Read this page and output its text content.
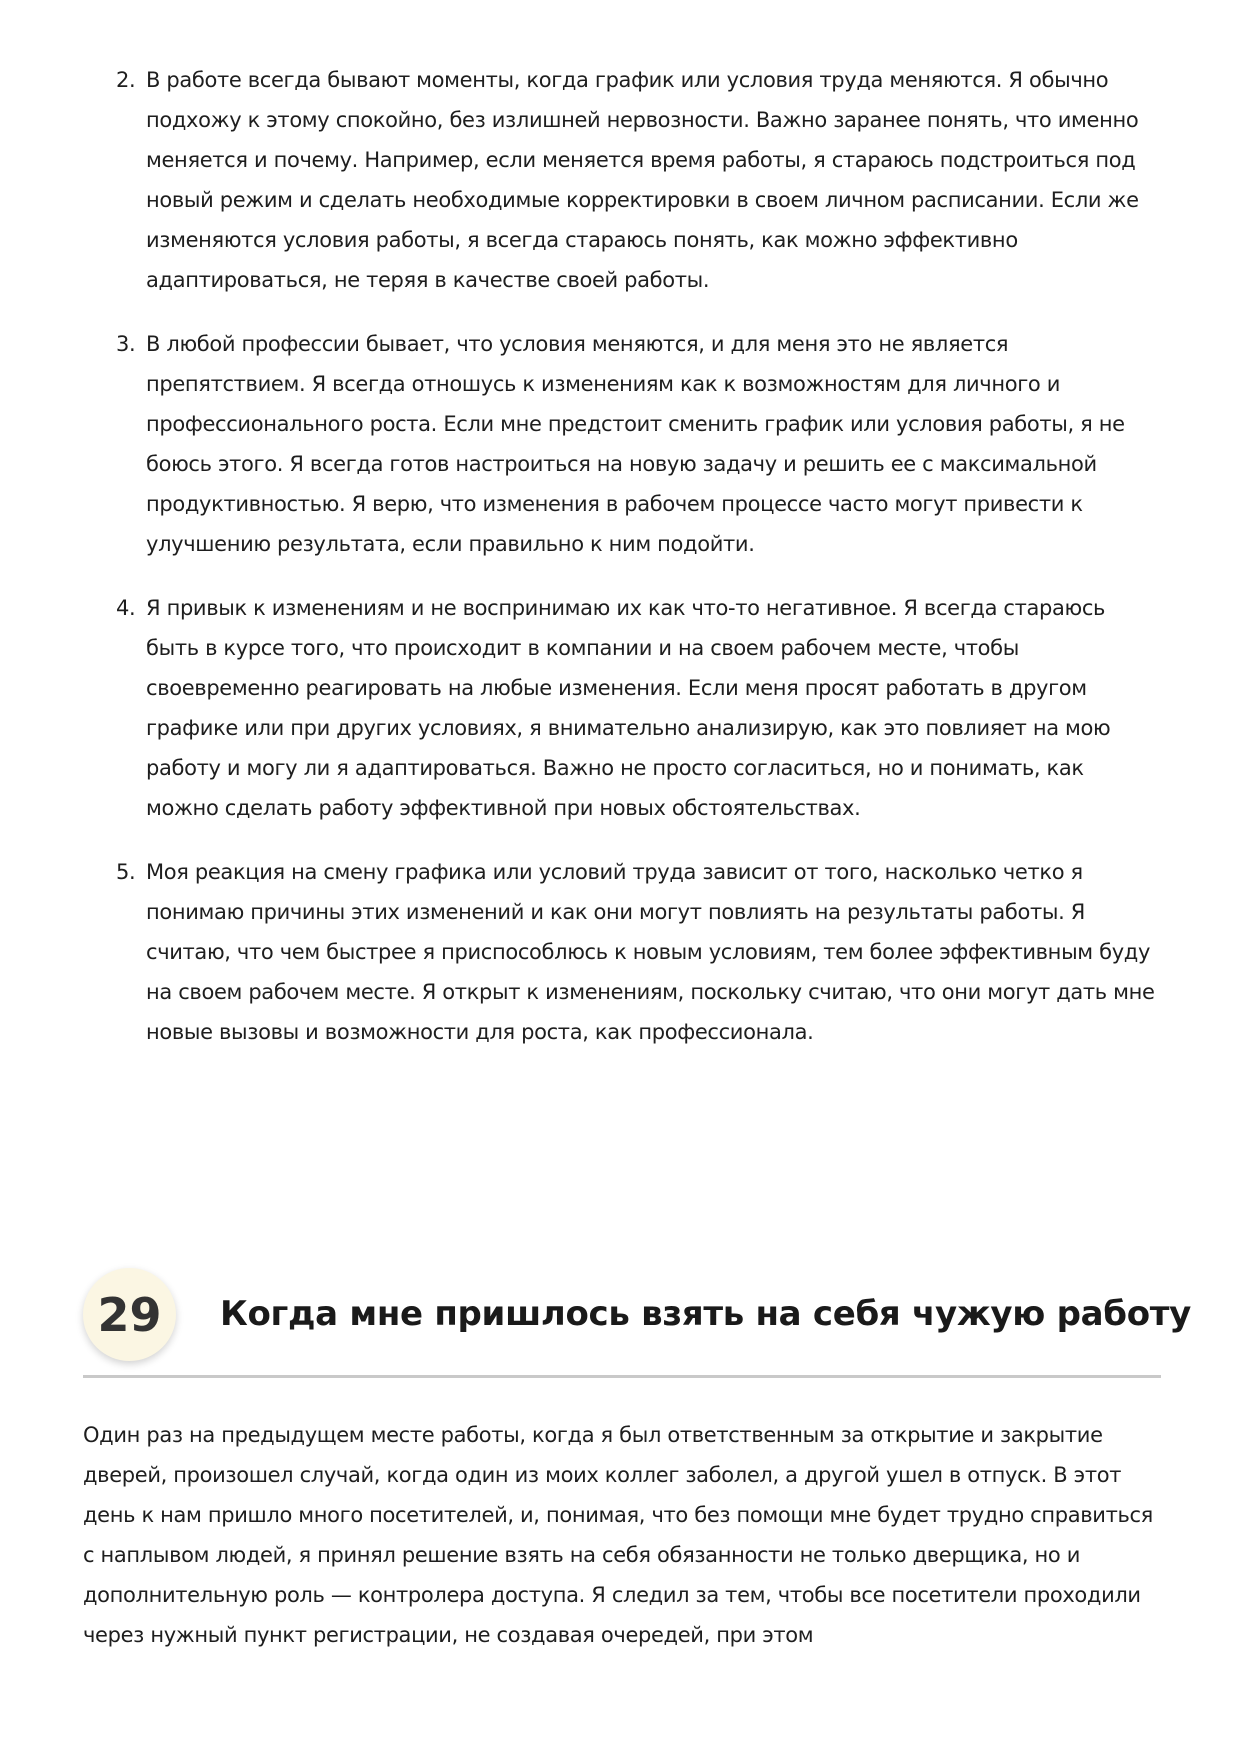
2. В работе всегда бывают моменты, когда график или условия труда меняются. Я обычно подхожу к этому спокойно, без излишней нервозности. Важно заранее понять, что именно меняется и почему. Например, если меняется время работы, я стараюсь подстроиться под новый режим и сделать необходимые корректировки в своем личном расписании. Если же изменяются условия работы, я всегда стараюсь понять, как можно эффективно адаптироваться, не теряя в качестве своей работы.
3. В любой профессии бывает, что условия меняются, и для меня это не является препятствием. Я всегда отношусь к изменениям как к возможностям для личного и профессионального роста. Если мне предстоит сменить график или условия работы, я не боюсь этого. Я всегда готов настроиться на новую задачу и решить ее с максимальной продуктивностью. Я верю, что изменения в рабочем процессе часто могут привести к улучшению результата, если правильно к ним подойти.
4. Я привык к изменениям и не воспринимаю их как что-то негативное. Я всегда стараюсь быть в курсе того, что происходит в компании и на своем рабочем месте, чтобы своевременно реагировать на любые изменения. Если меня просят работать в другом графике или при других условиях, я внимательно анализирую, как это повлияет на мою работу и могу ли я адаптироваться. Важно не просто согласиться, но и понимать, как можно сделать работу эффективной при новых обстоятельствах.
5. Моя реакция на смену графика или условий труда зависит от того, насколько четко я понимаю причины этих изменений и как они могут повлиять на результаты работы. Я считаю, что чем быстрее я приспособлюсь к новым условиям, тем более эффективным буду на своем рабочем месте. Я открыт к изменениям, поскольку считаю, что они могут дать мне новые вызовы и возможности для роста, как профессионала.
29	Когда мне пришлось взять на себя чужую работу

Один раз на предыдущем месте работы, когда я был ответственным за открытие и закрытие дверей, произошел случай, когда один из моих коллег заболел, а другой ушел в отпуск. В этот день к нам пришло много посетителей, и, понимая, что без помощи мне будет трудно справиться с наплывом людей, я принял решение взять на себя обязанности не только дверщика, но и дополнительную роль — контролера доступа. Я следил за тем, чтобы все посетители проходили через нужный пункт регистрации, не создавая очередей, при этом
